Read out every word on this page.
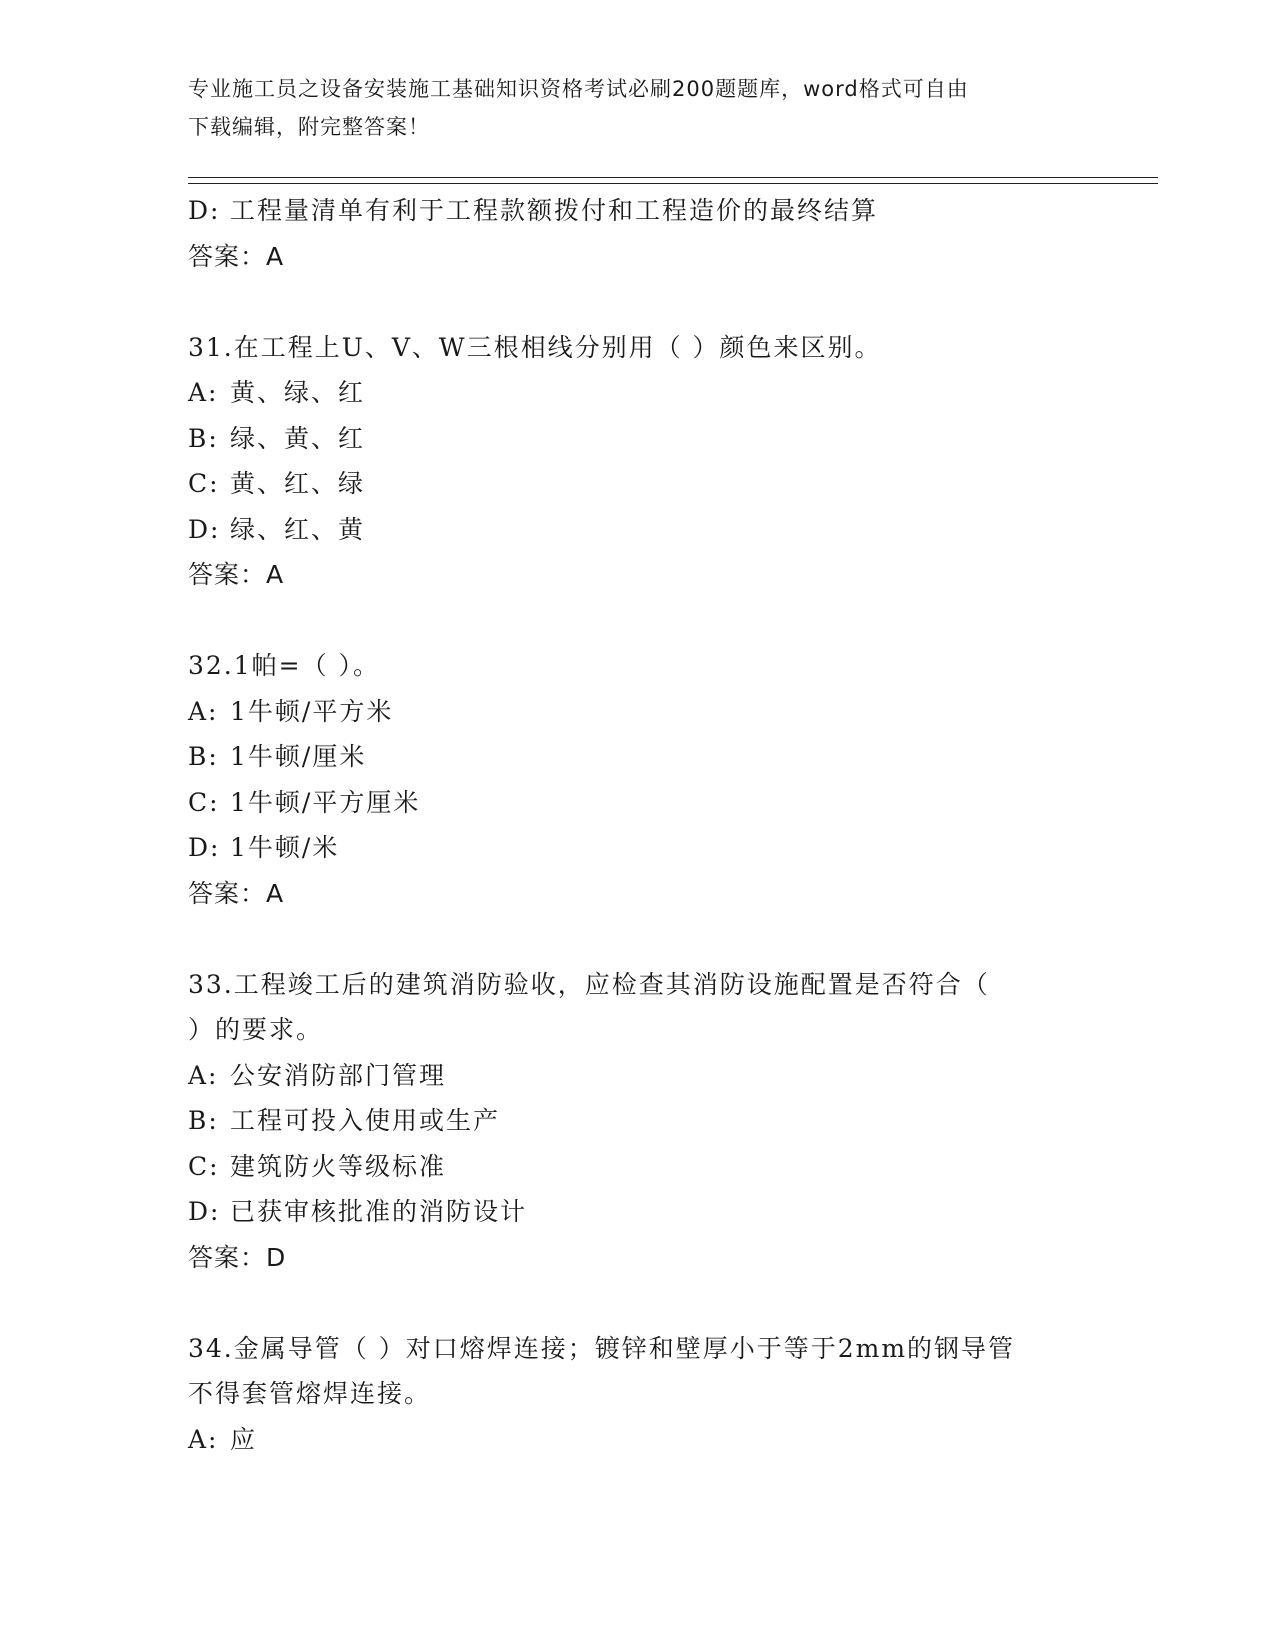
专业施工员之设备安装施工基础知识资格考试必刷200题题库，word格式可自由
下载编辑，附完整答案！
D: 工程量清单有利于工程款额拨付和工程造价的最终结算
答案：A
31.在工程上U、V、W三根相线分别用（ ）颜色来区别。
A: 黄、绿、红
B: 绿、黄、红
C: 黄、红、绿
D: 绿、红、黄
答案：A
32.1帕=（ ）。
A: 1牛顿/平方米
B: 1牛顿/厘米
C: 1牛顿/平方厘米
D: 1牛顿/米
答案：A
33.工程竣工后的建筑消防验收，应检查其消防设施配置是否符合（
）的要求。
A: 公安消防部门管理
B: 工程可投入使用或生产
C: 建筑防火等级标准
D: 已获审核批准的消防设计
答案：D
34.金属导管（ ）对口熔焊连接；镀锌和壁厚小于等于2mm的钢导管
不得套管熔焊连接。
A: 应
